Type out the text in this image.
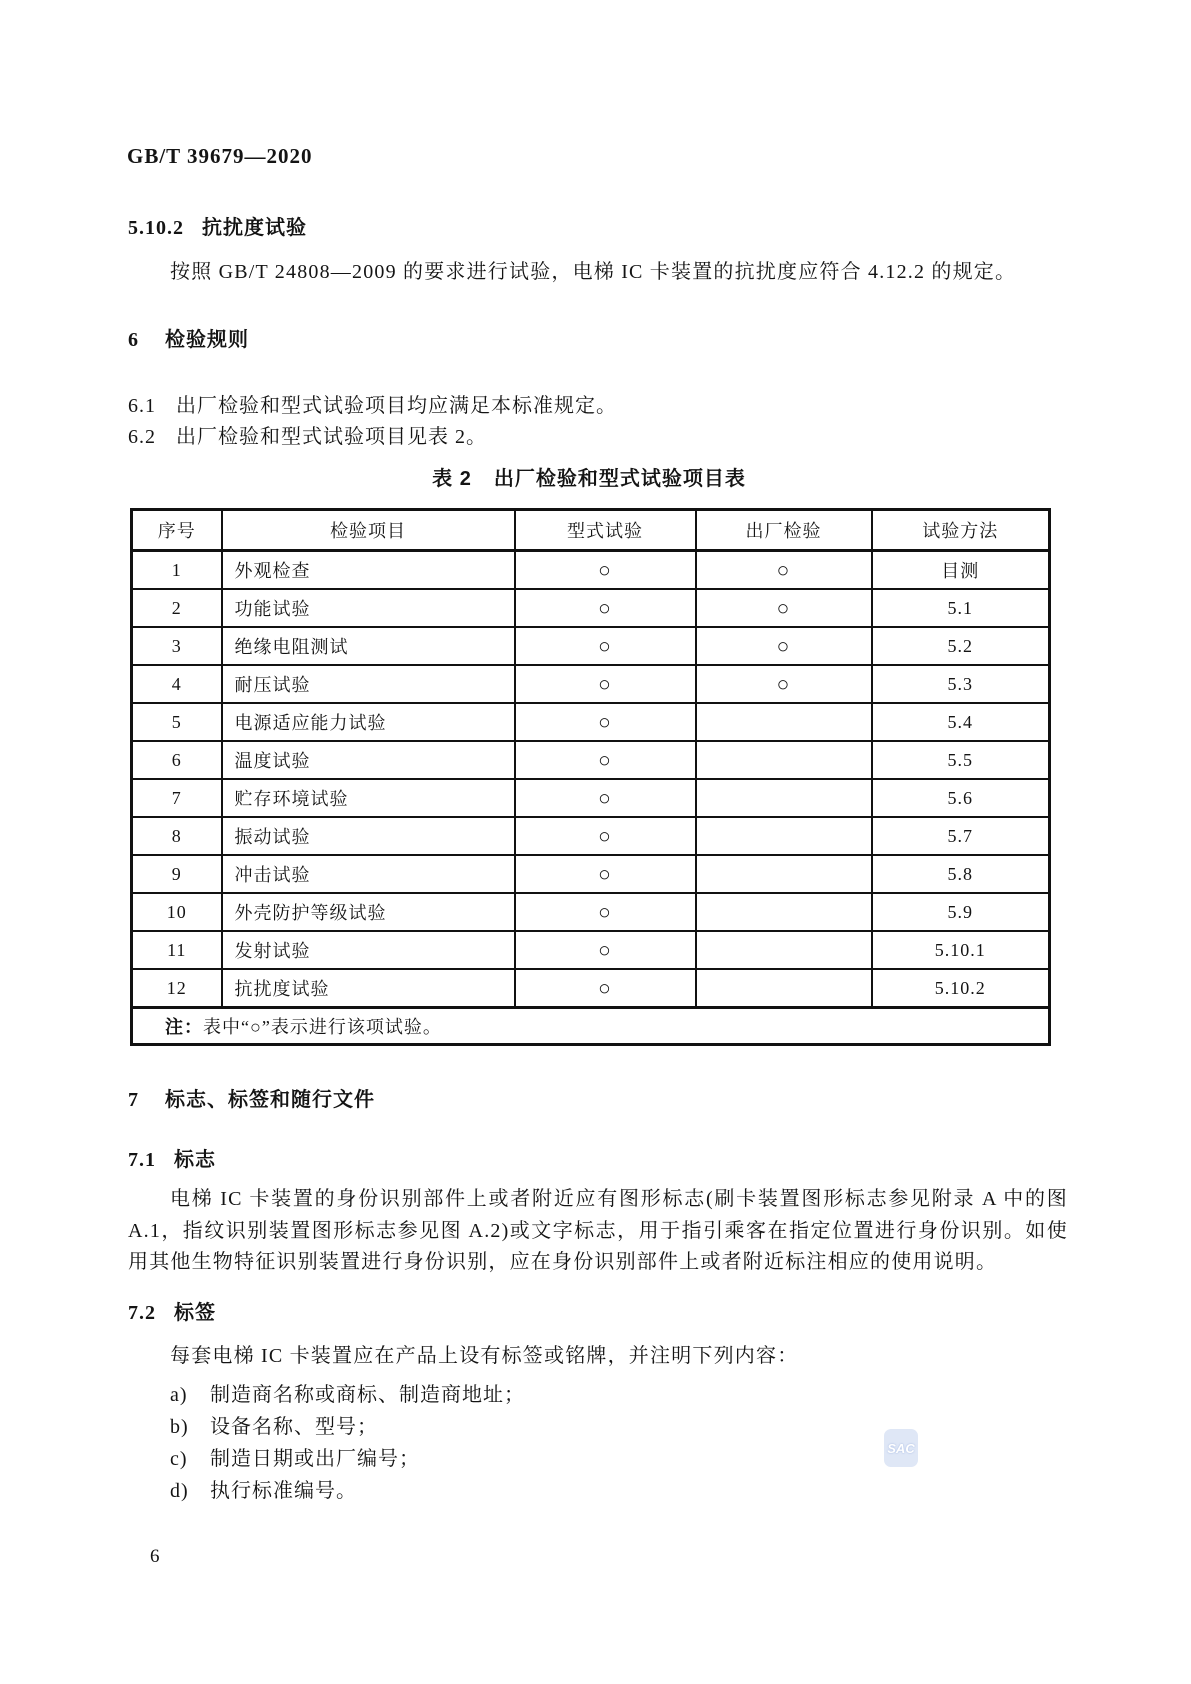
GB/T 39679—2020
5.10.2 抗扰度试验
按照 GB/T 24808—2009 的要求进行试验，电梯 IC 卡装置的抗扰度应符合 4.12.2 的规定。
6 检验规则
6.1 出厂检验和型式试验项目均应满足本标准规定。
6.2 出厂检验和型式试验项目见表 2。
表 2 出厂检验和型式试验项目表
序号	检验项目	型式试验	出厂检验	试验方法
1	外观检查	○	○	目测
2	功能试验	○	○	5.1
3	绝缘电阻测试	○	○	5.2
4	耐压试验	○	○	5.3
5	电源适应能力试验	○		5.4
6	温度试验	○		5.5
7	贮存环境试验	○		5.6
8	振动试验	○		5.7
9	冲击试验	○		5.8
10	外壳防护等级试验	○		5.9
11	发射试验	○		5.10.1
12	抗扰度试验	○		5.10.2
注：表中“○”表示进行该项试验。				
7 标志、标签和随行文件
7.1 标志
电梯 IC 卡装置的身份识别部件上或者附近应有图形标志(刷卡装置图形标志参见附录 A 中的图 A.1，指纹识别装置图形标志参见图 A.2)或文字标志，用于指引乘客在指定位置进行身份识别。如使用其他生物特征识别装置进行身份识别，应在身份识别部件上或者附近标注相应的使用说明。
7.2 标签
每套电梯 IC 卡装置应在产品上设有标签或铭牌，并注明下列内容：
a) 制造商名称或商标、制造商地址；
b) 设备名称、型号；
c) 制造日期或出厂编号；
d) 执行标准编号。
SAC
6
